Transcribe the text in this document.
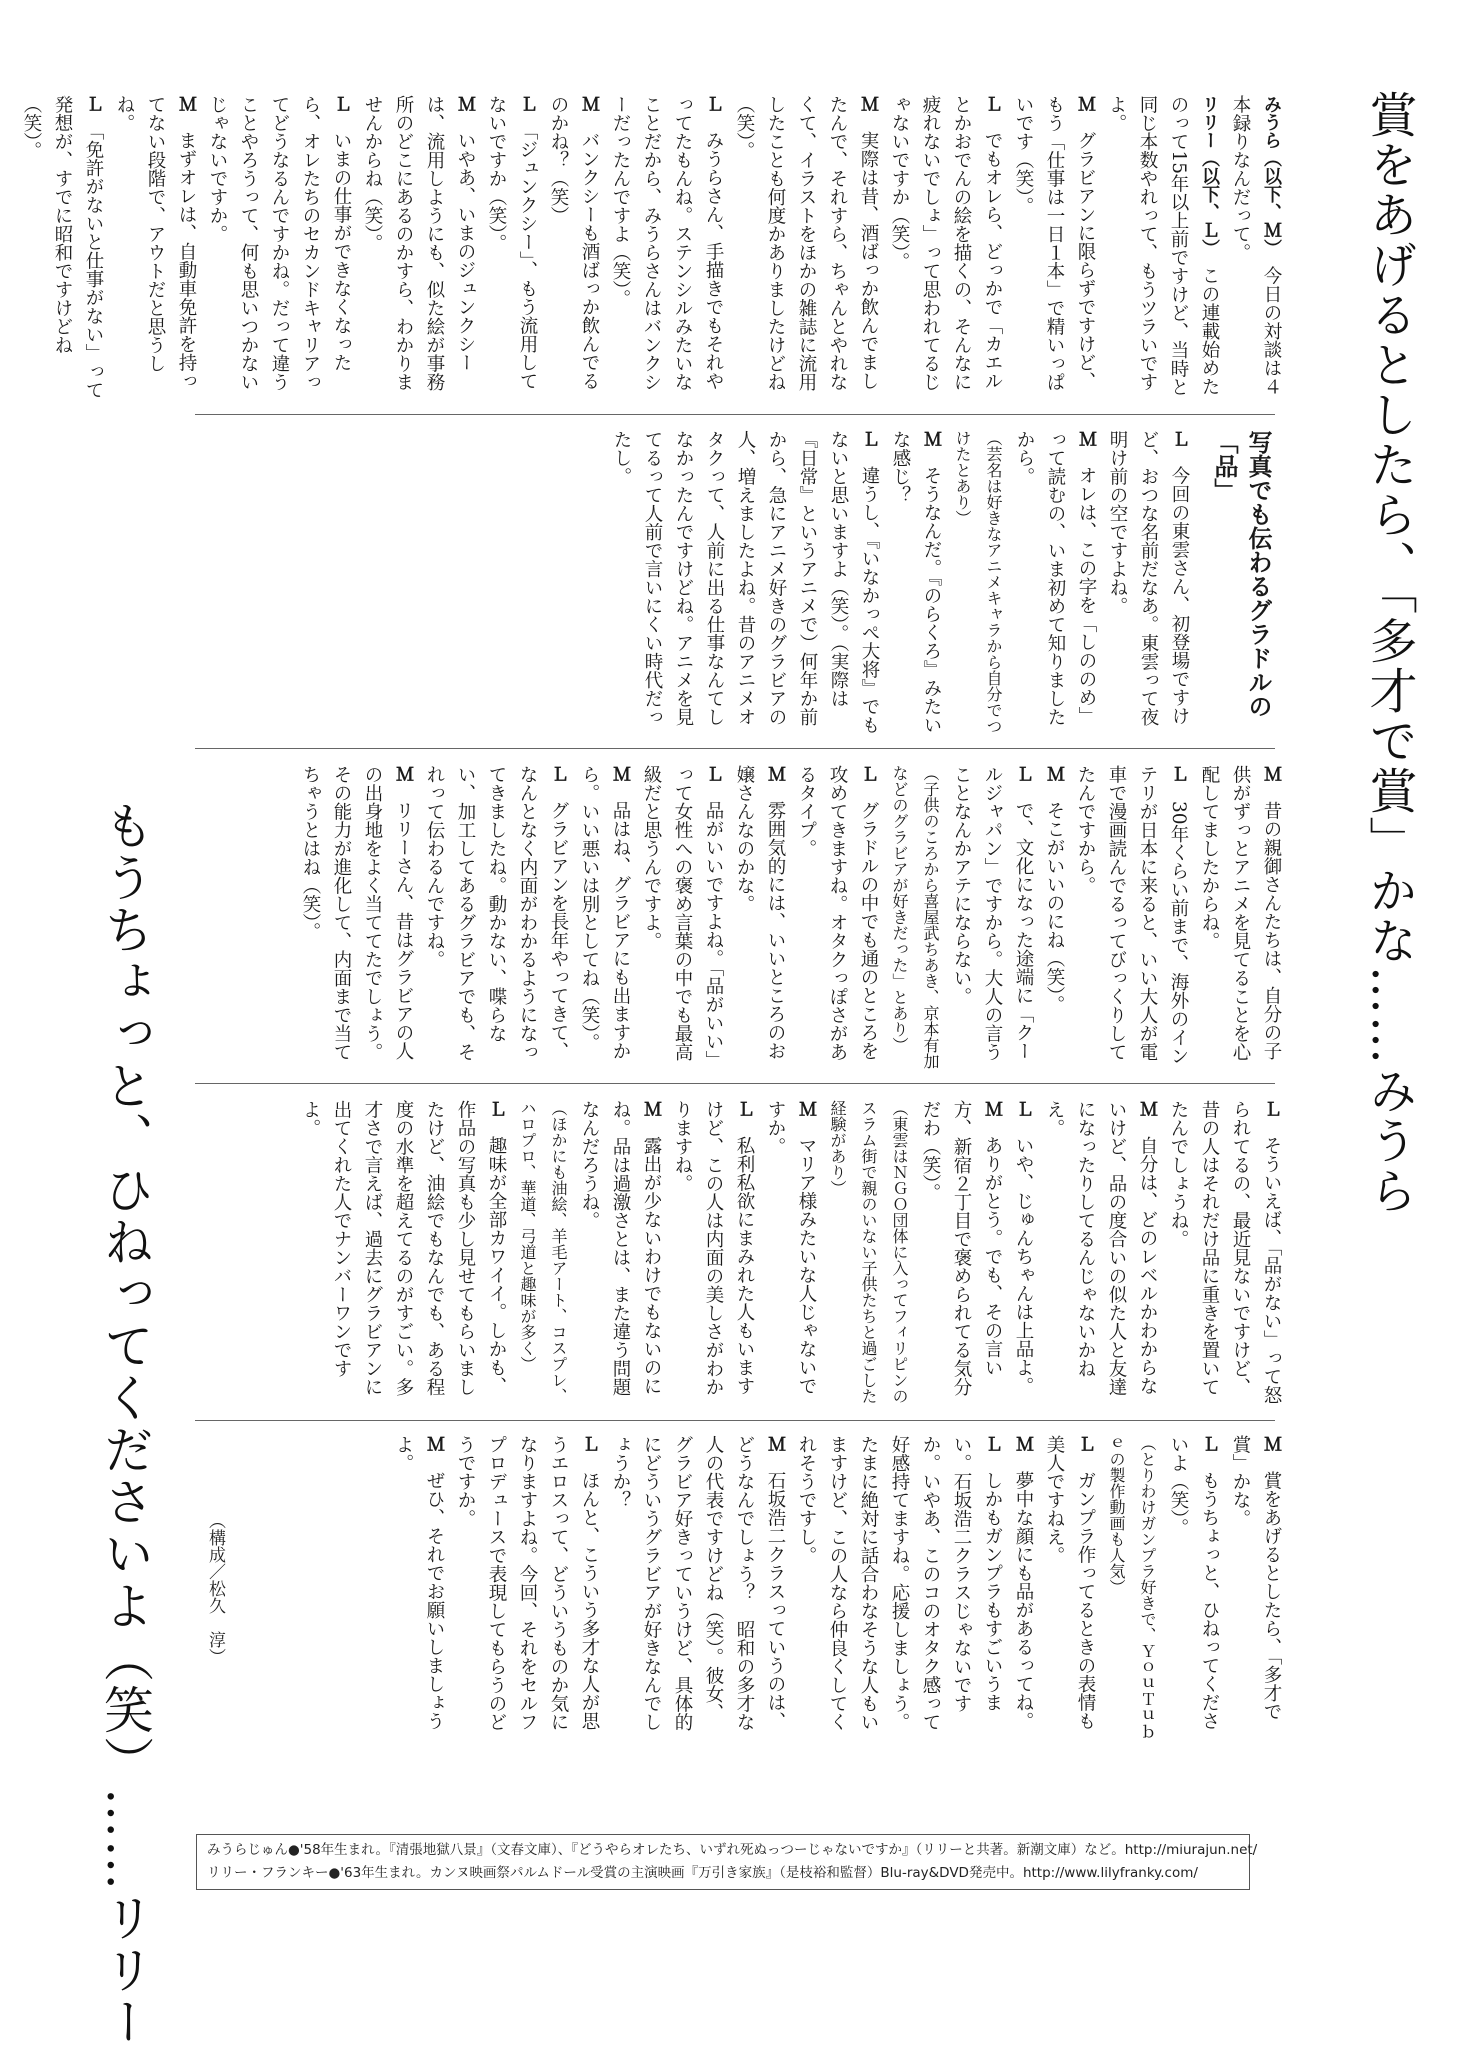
賞をあげるとしたら、「多才で賞」かな……みうら
もうちょっと、ひねってくださいよ（笑）……リリー

みうら（以下、Ｍ）今日の対談は４本録りなんだって。

リリー（以下、Ｌ）この連載始めたのって15年以上前ですけど、当時と同じ本数やれって、もうツラいですよ。

Ｍグラビアンに限らずですけど、もう「仕事は一日１本」で精いっぱいです（笑）。

Ｌでもオレら、どっかで「カエルとかおでんの絵を描くの、そんなに疲れないでしょ」って思われてるじゃないですか（笑）。

Ｍ実際は昔、酒ばっか飲んでましたんで、それすら、ちゃんとやれなくて、イラストをほかの雑誌に流用したことも何度かありましたけどね（笑）。

Ｌみうらさん、手描きでもそれやってたもんね。ステンシルみたいなことだから、みうらさんはバンクシーだったんですよ（笑）。

Ｍバンクシーも酒ばっか飲んでるのかね？（笑）

Ｌ「ジュンクシー」、もう流用してないですか（笑）。

Ｍいやあ、いまのジュンクシーは、流用しようにも、似た絵が事務所のどこにあるのかすら、わかりませんからね（笑）。

Ｌいまの仕事ができなくなったら、オレたちのセカンドキャリアってどうなるんですかね。だって違うことやろうって、何も思いつかないじゃないですか。

Ｍまずオレは、自動車免許を持ってない段階で、アウトだと思うしね。

Ｌ「免許がないと仕事がない」って発想が、すでに昭和ですけどね（笑）。

写真でも伝わるグラドルの「品」

Ｌ今回の東雲さん、初登場ですけど、おつな名前だなあ。東雲って夜明け前の空ですよね。

Ｍオレは、この字を「しののめ」って読むの、いま初めて知りましたから。

（芸名は好きなアニメキャラから自分でつけたとあり）

Ｍそうなんだ。『のらくろ』みたいな感じ？

Ｌ違うし、『いなかっぺ大将』でもないと思いますよ（笑）。（実際は『日常』というアニメで）何年か前から、急にアニメ好きのグラビアの人、増えましたよね。昔のアニメオタクって、人前に出る仕事なんてしなかったんですけどね。アニメを見てるって人前で言いにくい時代だったし。

Ｍ昔の親御さんたちは、自分の子供がずっとアニメを見てることを心配してましたからね。

Ｌ30年くらい前まで、海外のインテリが日本に来ると、いい大人が電車で漫画読んでるってびっくりしてたんですから。

Ｍそこがいいのにね（笑）。

Ｌで、文化になった途端に「クールジャパン」ですから。大人の言うことなんかアテにならない。

（子供のころから喜屋武ちあき、京本有加などのグラビアが好きだった」とあり）

Ｌグラドルの中でも通のところを攻めてきますね。オタクっぽさがあるタイプ。

Ｍ雰囲気的には、いいところのお嬢さんなのかな。

Ｌ品がいいですよね。「品がいい」って女性への褒め言葉の中でも最高級だと思うんですよ。

Ｍ品はね、グラビアにも出ますから。いい悪いは別としてね（笑）。

Ｌグラビアンを長年やってきて、なんとなく内面がわかるようになってきましたね。動かない、喋らない、加工してあるグラビアでも、それって伝わるんですね。

Ｍリリーさん、昔はグラビアの人の出身地をよく当ててたでしょう。その能力が進化して、内面まで当てちゃうとはね（笑）。

Ｌそういえば、「品がない」って怒られてるの、最近見ないですけど、昔の人はそれだけ品に重きを置いてたんでしょうね。

Ｍ自分は、どのレベルかわからないけど、品の度合いの似た人と友達になったりしてるんじゃないかねえ。

Ｌいや、じゅんちゃんは上品よ。

Ｍありがとう。でも、その言い方、新宿２丁目で褒められてる気分だわ（笑）。

（東雲はＮＧＯ団体に入ってフィリピンのスラム街で親のいない子供たちと過ごした経験があり）

Ｍマリア様みたいな人じゃないですか。

Ｌ私利私欲にまみれた人もいますけど、この人は内面の美しさがわかりますね。

Ｍ露出が少ないわけでもないのにね。品は過激さとは、また違う問題なんだろうね。

（ほかにも油絵、羊毛アート、コスプレ、ハロプロ、華道、弓道と趣味が多く）

Ｌ趣味が全部カワイイ。しかも、作品の写真も少し見せてもらいましたけど、油絵でもなんでも、ある程度の水準を超えてるのがすごい。多才さで言えば、過去にグラビアンに出てくれた人でナンバーワンですよ。

Ｍ賞をあげるとしたら、「多才で賞」かな。

Ｌもうちょっと、ひねってくださいよ（笑）。

（とりわけガンプラ好きで、ＹｏｕＴｕｂｅの製作動画も人気）

Ｌガンプラ作ってるときの表情も美人ですねえ。

Ｍ夢中な顔にも品があるってね。

Ｌしかもガンプラもすごいうまい。石坂浩二クラスじゃないですか。いやあ、このコのオタク感って好感持てますね。応援しましょう。たまに絶対に話合わなそうな人もいますけど、この人なら仲良くしてくれそうですし。

Ｍ石坂浩二クラスっていうのは、どうなんでしょう？　昭和の多才な人の代表ですけどね（笑）。彼女、グラビア好きっていうけど、具体的にどういうグラビアが好きなんでしょうか？

Ｌほんと、こういう多才な人が思うエロスって、どういうものか気になりますよね。今回、それをセルフプロデュースで表現してもらうのどうですか。

Ｍぜひ、それでお願いしましょうよ。

（構成／松久　淳）
みうらじゅん●'58年生まれ。『清張地獄八景』（文春文庫）、『どうやらオレたち、いずれ死ぬっつーじゃないですか』（リリーと共著。新潮文庫）など。http://miurajun.net/
リリー・フランキー●'63年生まれ。カンヌ映画祭パルムドール受賞の主演映画『万引き家族』（是枝裕和監督）Blu-ray&DVD発売中。http://www.lilyfranky.com/
